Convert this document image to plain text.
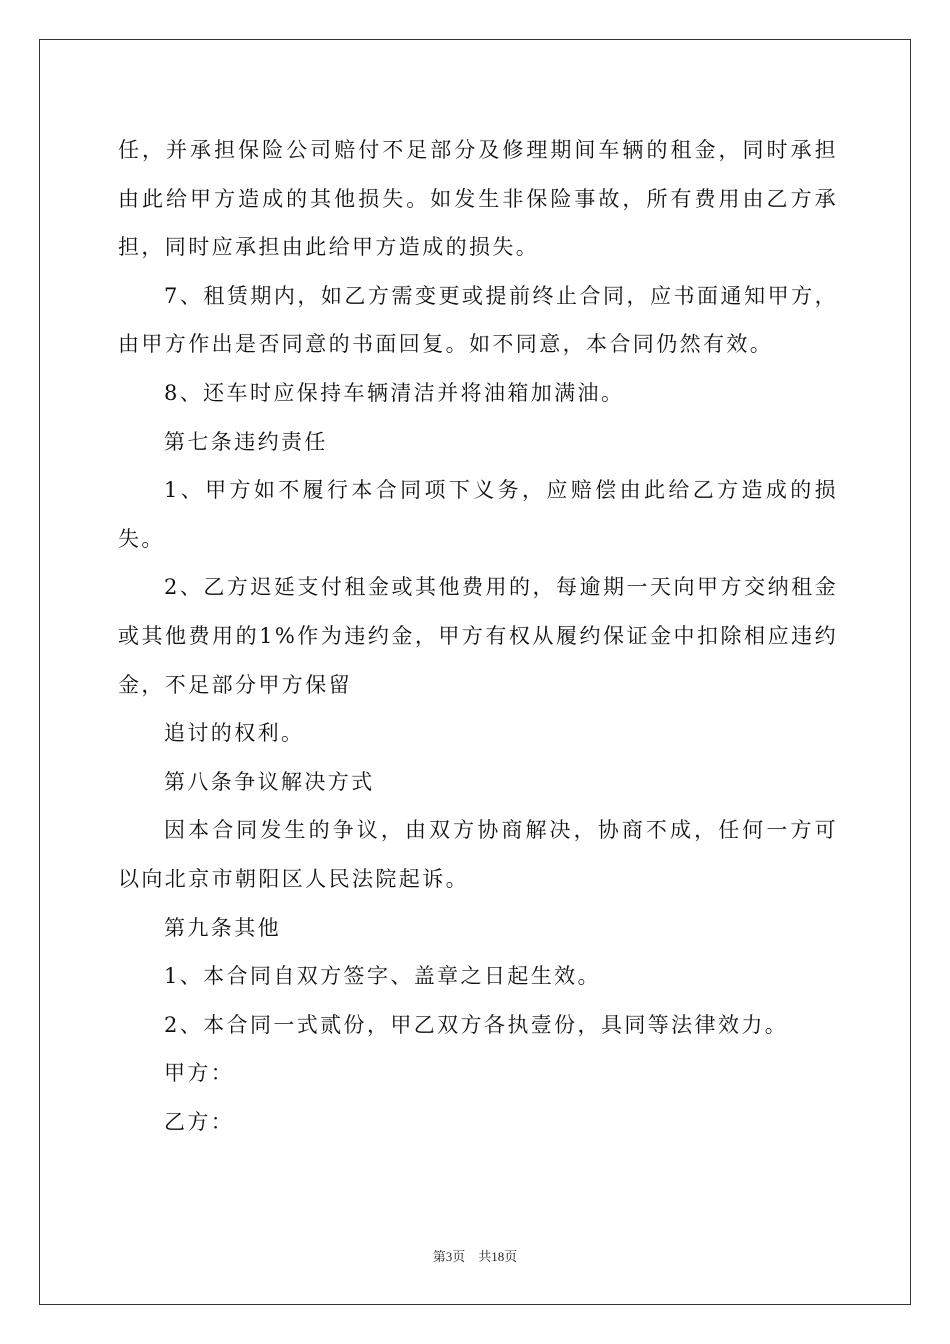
任，并承担保险公司赔付不足部分及修理期间车辆的租金，同时承担由此给甲方造成的其他损失。如发生非保险事故，所有费用由乙方承担，同时应承担由此给甲方造成的损失。

7、租赁期内，如乙方需变更或提前终止合同，应书面通知甲方，由甲方作出是否同意的书面回复。如不同意，本合同仍然有效。

8、还车时应保持车辆清洁并将油箱加满油。

第七条违约责任

1、甲方如不履行本合同项下义务，应赔偿由此给乙方造成的损失。

2、乙方迟延支付租金或其他费用的，每逾期一天向甲方交纳租金或其他费用的1%作为违约金，甲方有权从履约保证金中扣除相应违约金，不足部分甲方保留

追讨的权利。

第八条争议解决方式

因本合同发生的争议，由双方协商解决，协商不成，任何一方可以向北京市朝阳区人民法院起诉。

第九条其他

1、本合同自双方签字、盖章之日起生效。

2、本合同一式贰份，甲乙双方各执壹份，具同等法律效力。

甲方：

乙方：

第3页　共18页
